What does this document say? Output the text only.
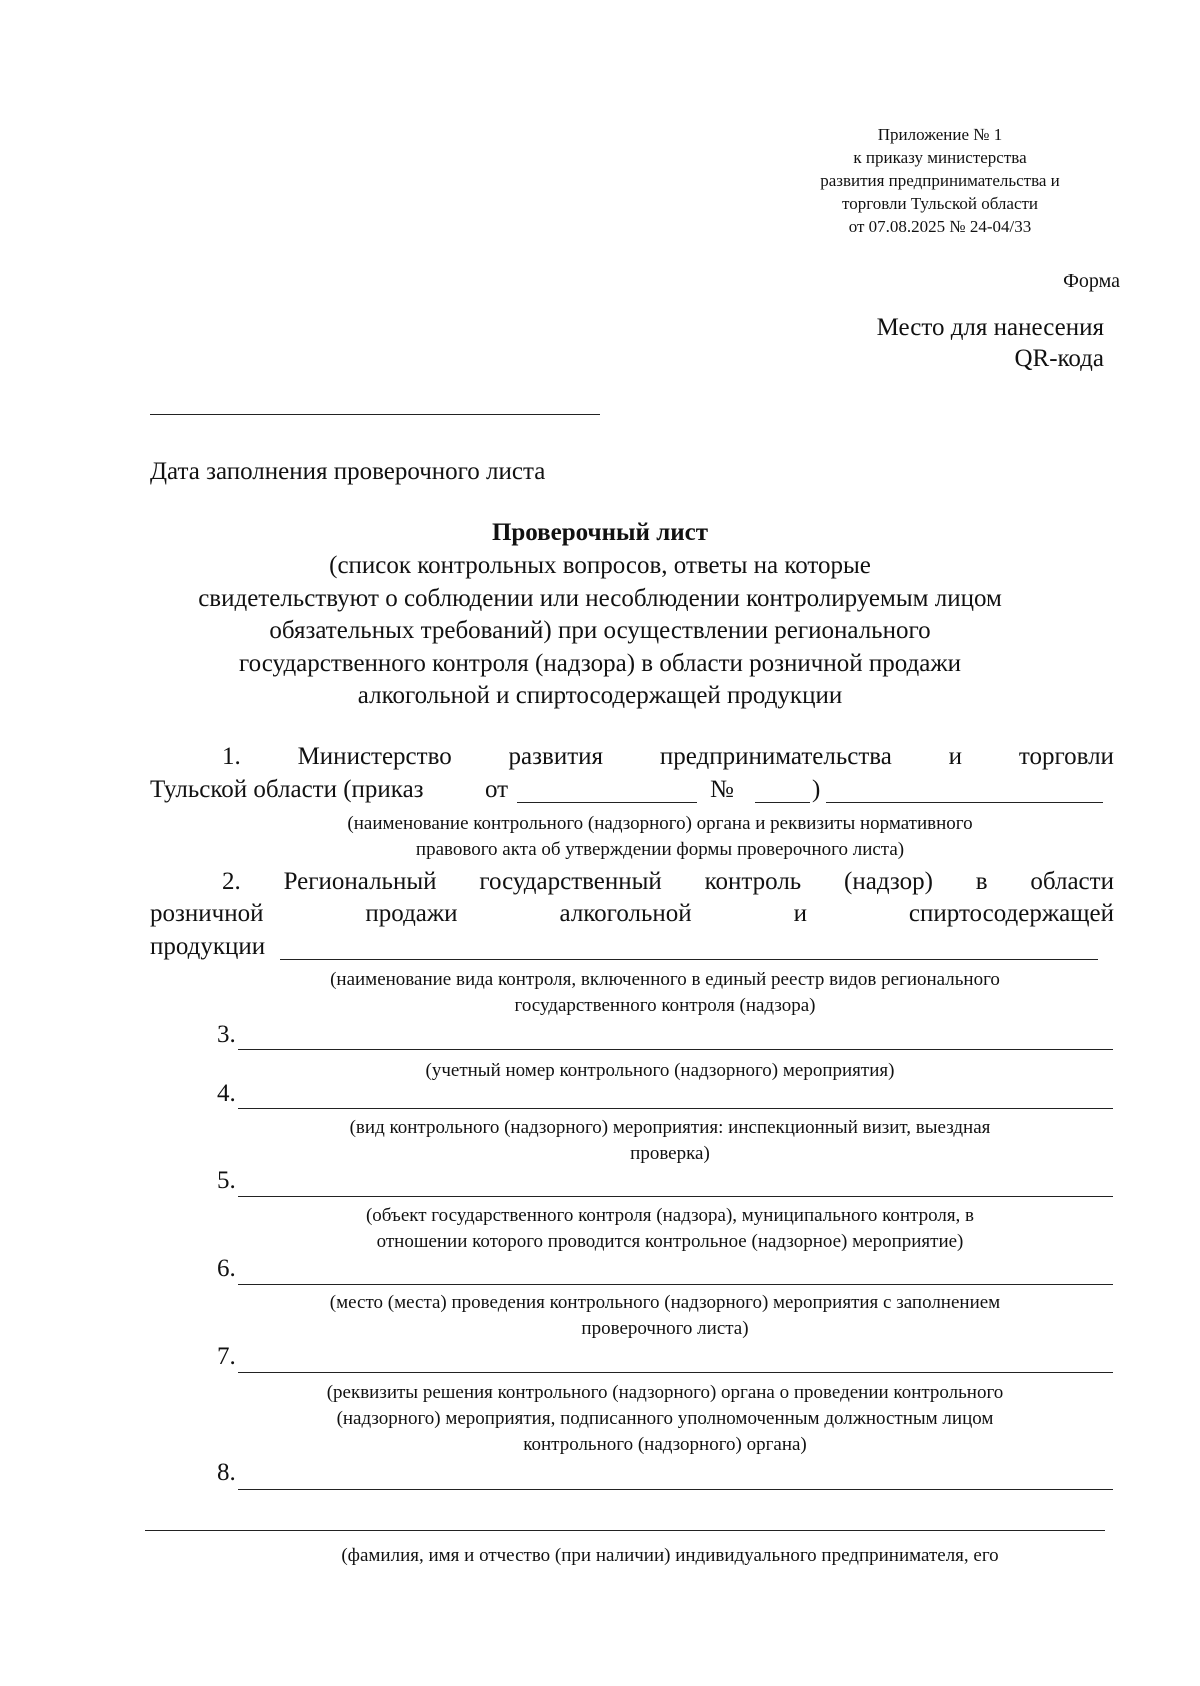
Приложение № 1
к приказу министерства
развития предпринимательства и
торговли Тульской области
от 07.08.2025 № 24-04/33
Форма
Место для нанесения
QR-кода
Дата заполнения проверочного листа
Проверочный лист
(список контрольных вопросов, ответы на которые
свидетельствуют о соблюдении или несоблюдении контролируемым лицом
обязательных требований) при осуществлении регионального
государственного контроля (надзора) в области розничной продажи
алкогольной и спиртосодержащей продукции
1. Министерство развития предпринимательства и торговли
Тульской области (приказ от	№	)
(наименование контрольного (надзорного) органа и реквизиты нормативного
правового акта об утверждении формы проверочного листа)
2. Региональный государственный контроль (надзор) в области
розничной	продажи	алкогольной	и	спиртосодержащей
продукции
(наименование вида контроля, включенного в единый реестр видов регионального
государственного контроля (надзора)
3.
(учетный номер контрольного (надзорного) мероприятия)
4.
(вид контрольного (надзорного) мероприятия: инспекционный визит, выездная
проверка)
5.
(объект государственного контроля (надзора), муниципального контроля, в
отношении которого проводится контрольное (надзорное) мероприятие)
6.
(место (места) проведения контрольного (надзорного) мероприятия с заполнением
проверочного листа)
7.
(реквизиты решения контрольного (надзорного) органа о проведении контрольного
(надзорного) мероприятия, подписанного уполномоченным должностным лицом
контрольного (надзорного) органа)
8.
(фамилия, имя и отчество (при наличии) индивидуального предпринимателя, его
